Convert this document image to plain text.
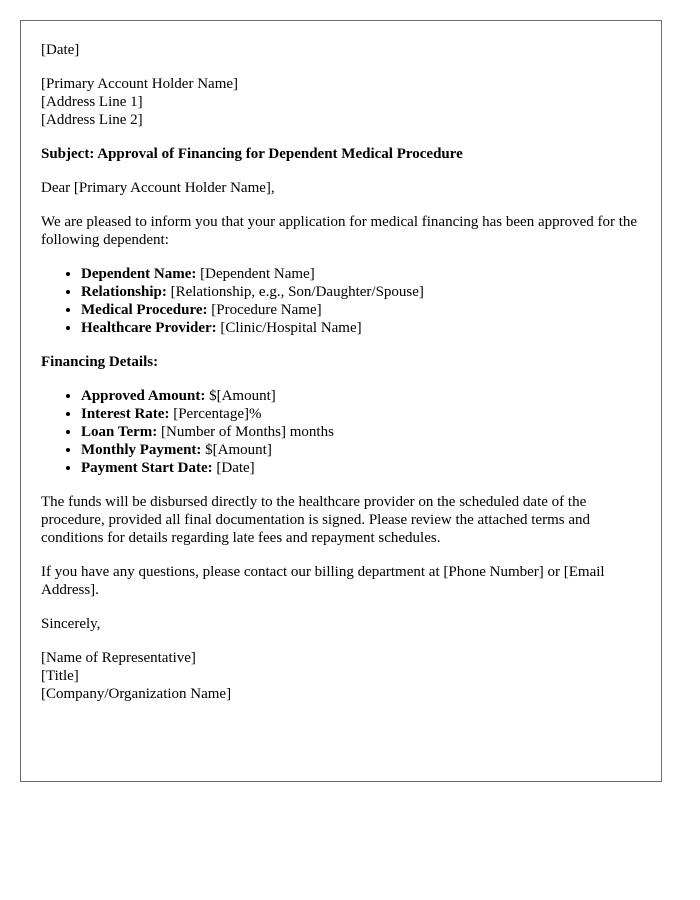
[Date]

[Primary Account Holder Name]
[Address Line 1]
[Address Line 2]

Subject: Approval of Financing for Dependent Medical Procedure

Dear [Primary Account Holder Name],

We are pleased to inform you that your application for medical financing has been approved for the following dependent:

• Dependent Name: [Dependent Name]
• Relationship: [Relationship, e.g., Son/Daughter/Spouse]
• Medical Procedure: [Procedure Name]
• Healthcare Provider: [Clinic/Hospital Name]

Financing Details:

• Approved Amount: $[Amount]
• Interest Rate: [Percentage]%
• Loan Term: [Number of Months] months
• Monthly Payment: $[Amount]
• Payment Start Date: [Date]

The funds will be disbursed directly to the healthcare provider on the scheduled date of the procedure, provided all final documentation is signed. Please review the attached terms and conditions for details regarding late fees and repayment schedules.

If you have any questions, please contact our billing department at [Phone Number] or [Email Address].

Sincerely,

[Name of Representative]
[Title]
[Company/Organization Name]
